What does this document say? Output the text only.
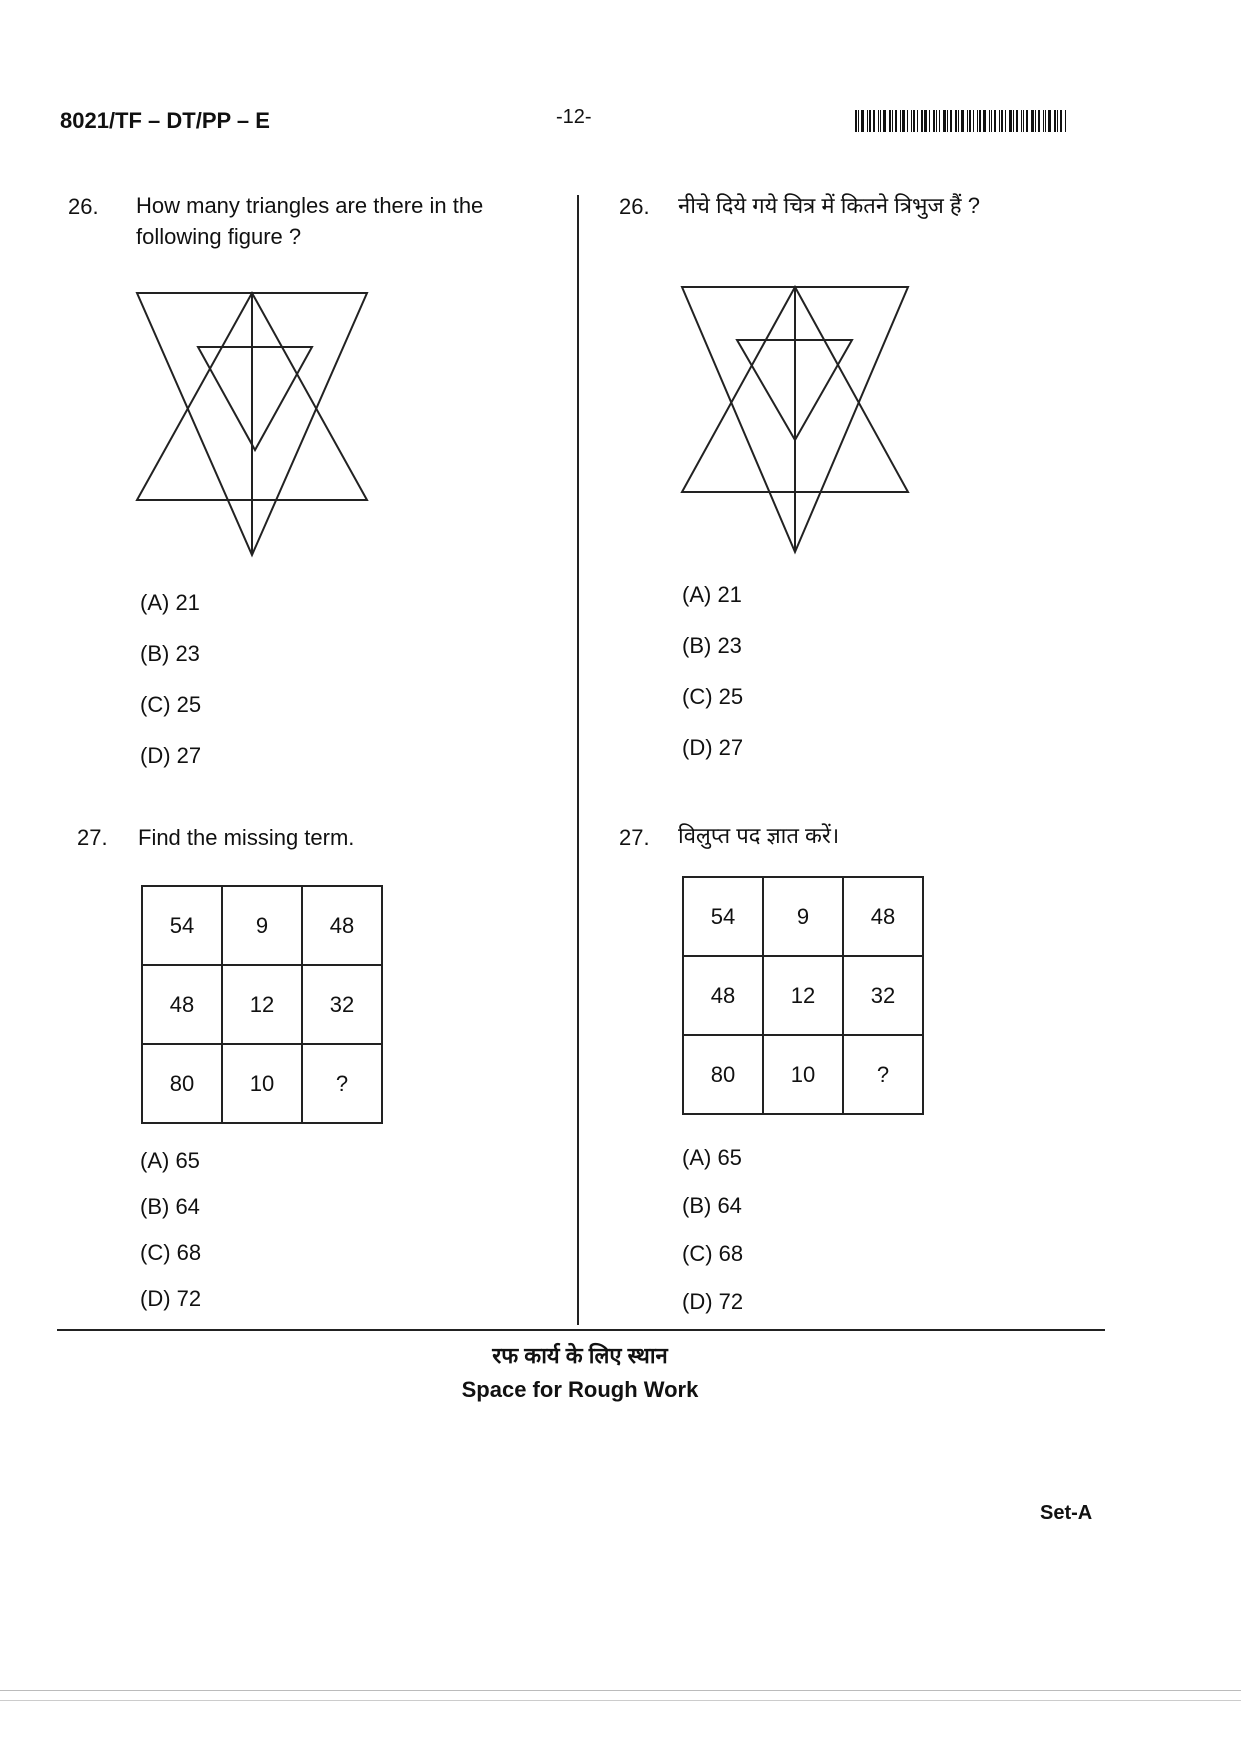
8021/TF – DT/PP – E	-12-
26. How many triangles are there in the
following figure ?
(A) 21
(B) 23
(C) 25
(D) 27
27. Find the missing term.
54	9	48
48	12	32
80	10	?
(A) 65
(B) 64
(C) 68
(D) 72
26. नीचे दिये गये चित्र में कितने त्रिभुज हैं ?
(A) 21
(B) 23
(C) 25
(D) 27
27. विलुप्त पद ज्ञात करें।
54	9	48
48	12	32
80	10	?
(A) 65
(B) 64
(C) 68
(D) 72
रफ कार्य के लिए स्थान
Space for Rough Work
Set-A
